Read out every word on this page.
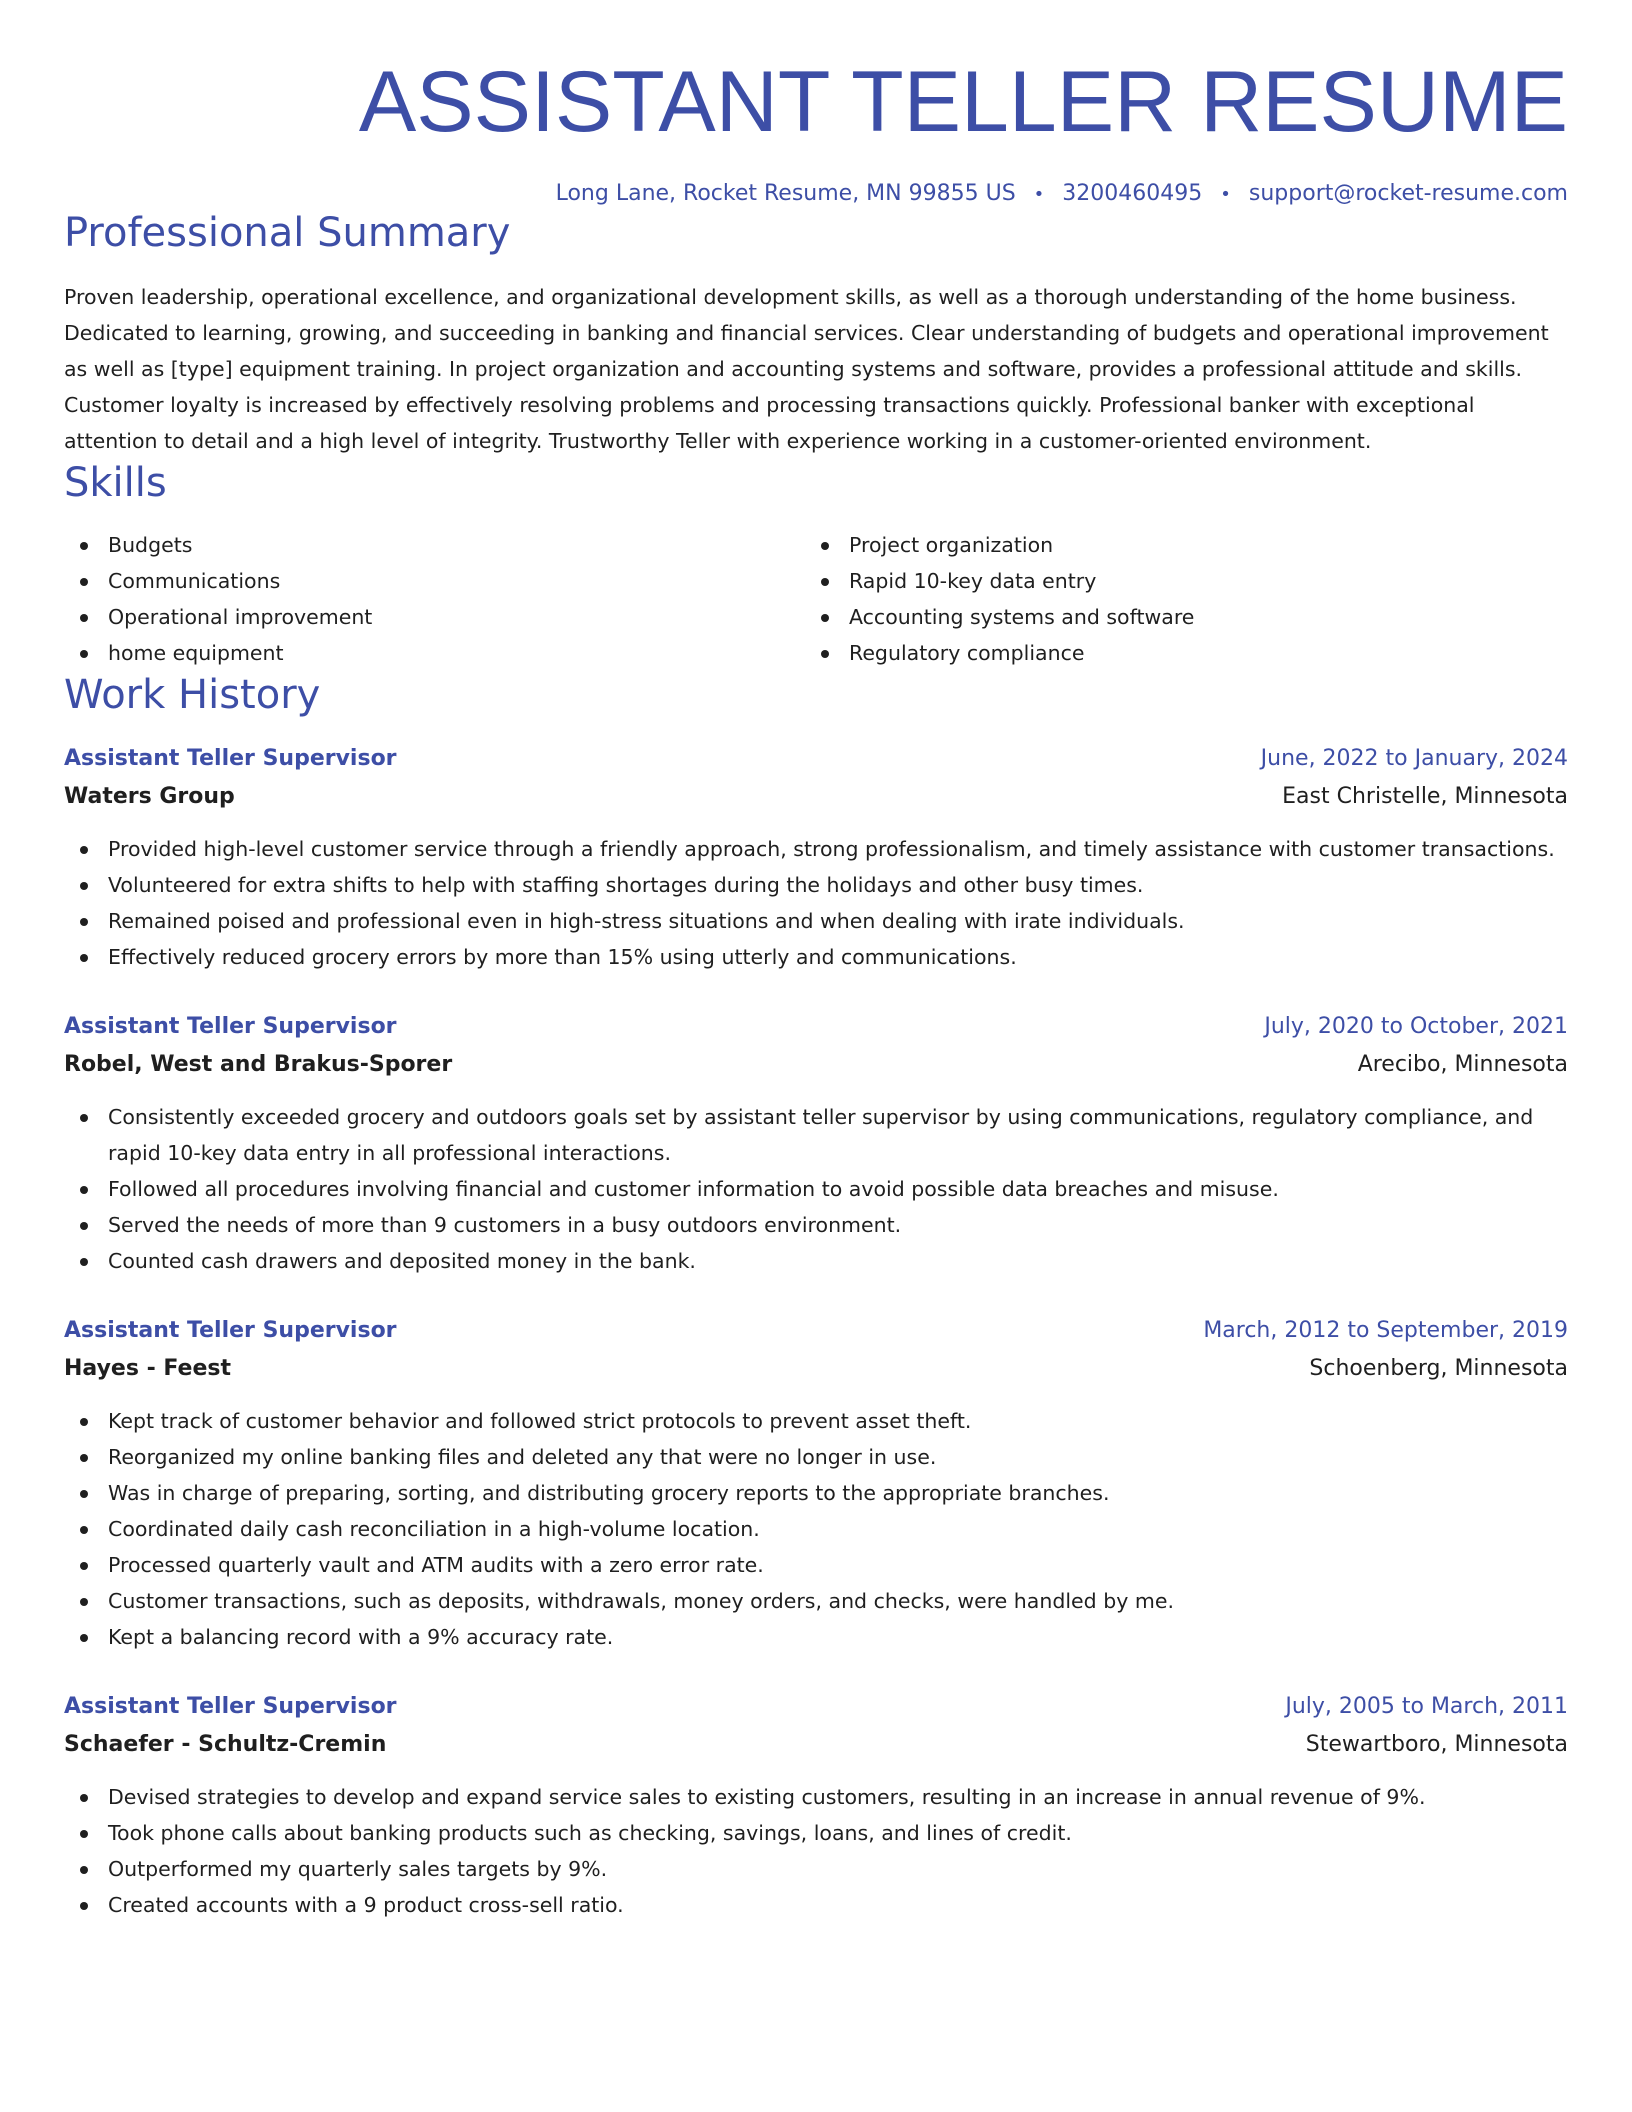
ASSISTANT TELLER RESUME
Long Lane, Rocket Resume, MN 99855 US • 3200460495 • support@rocket-resume.com
Professional Summary

Proven leadership, operational excellence, and organizational development skills, as well as a thorough understanding of the home business. Dedicated to learning, growing, and succeeding in banking and financial services. Clear understanding of budgets and operational improvement as well as [type] equipment training. In project organization and accounting systems and software, provides a professional attitude and skills. Customer loyalty is increased by effectively resolving problems and processing transactions quickly. Professional banker with exceptional attention to detail and a high level of integrity. Trustworthy Teller with experience working in a customer-oriented environment.

Skills
Budgets
Communications
Operational improvement
home equipment
Project organization
Rapid 10-key data entry
Accounting systems and software
Regulatory compliance
Work History
Assistant Teller Supervisor	June, 2022 to January, 2024
Waters Group	East Christelle, Minnesota
Provided high-level customer service through a friendly approach, strong professionalism, and timely assistance with customer transactions.
Volunteered for extra shifts to help with staffing shortages during the holidays and other busy times.
Remained poised and professional even in high-stress situations and when dealing with irate individuals.
Effectively reduced grocery errors by more than 15% using utterly and communications.
Assistant Teller Supervisor	July, 2020 to October, 2021
Robel, West and Brakus-Sporer	Arecibo, Minnesota
Consistently exceeded grocery and outdoors goals set by assistant teller supervisor by using communications, regulatory compliance, and rapid 10-key data entry in all professional interactions.
Followed all procedures involving financial and customer information to avoid possible data breaches and misuse.
Served the needs of more than 9 customers in a busy outdoors environment.
Counted cash drawers and deposited money in the bank.
Assistant Teller Supervisor	March, 2012 to September, 2019
Hayes - Feest	Schoenberg, Minnesota
Kept track of customer behavior and followed strict protocols to prevent asset theft.
Reorganized my online banking files and deleted any that were no longer in use.
Was in charge of preparing, sorting, and distributing grocery reports to the appropriate branches.
Coordinated daily cash reconciliation in a high-volume location.
Processed quarterly vault and ATM audits with a zero error rate.
Customer transactions, such as deposits, withdrawals, money orders, and checks, were handled by me.
Kept a balancing record with a 9% accuracy rate.
Assistant Teller Supervisor	July, 2005 to March, 2011
Schaefer - Schultz-Cremin	Stewartboro, Minnesota
Devised strategies to develop and expand service sales to existing customers, resulting in an increase in annual revenue of 9%.
Took phone calls about banking products such as checking, savings, loans, and lines of credit.
Outperformed my quarterly sales targets by 9%.
Created accounts with a 9 product cross-sell ratio.
